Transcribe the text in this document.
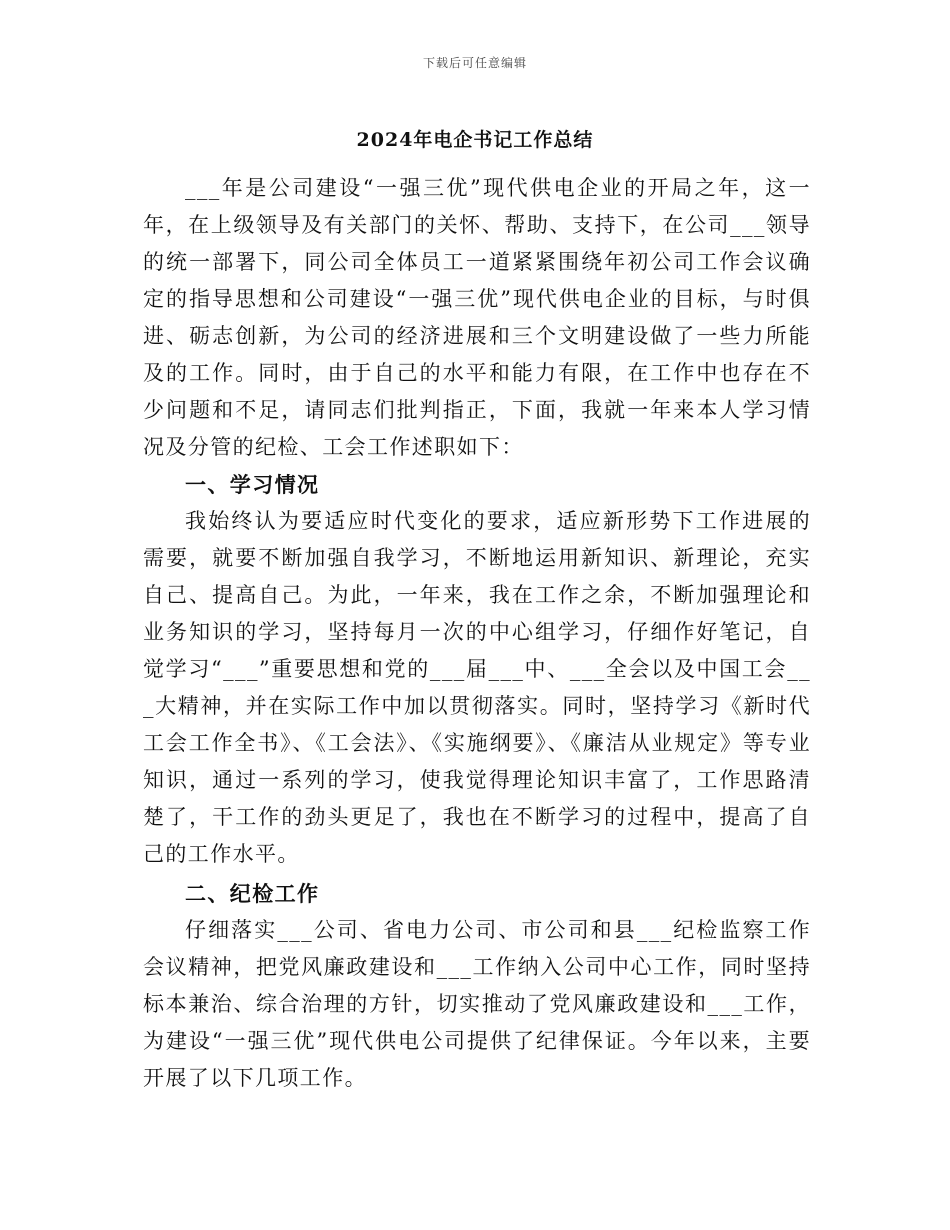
下载后可任意编辑
2024年电企书记工作总结

___年是公司建设“一强三优”现代供电企业的开局之年，这一年，在上级领导及有关部门的关怀、帮助、支持下，在公司___领导的统一部署下，同公司全体员工一道紧紧围绕年初公司工作会议确定的指导思想和公司建设“一强三优”现代供电企业的目标，与时俱进、砺志创新，为公司的经济进展和三个文明建设做了一些力所能及的工作。同时，由于自己的水平和能力有限，在工作中也存在不少问题和不足，请同志们批判指正，下面，我就一年来本人学习情况及分管的纪检、工会工作述职如下：

一、学习情况

我始终认为要适应时代变化的要求，适应新形势下工作进展的需要，就要不断加强自我学习，不断地运用新知识、新理论，充实自己、提高自己。为此，一年来，我在工作之余，不断加强理论和业务知识的学习，坚持每月一次的中心组学习，仔细作好笔记，自觉学习“___”重要思想和党的___届___中、___全会以及中国工会___大精神，并在实际工作中加以贯彻落实。同时，坚持学习《新时代工会工作全书》、《工会法》、《实施纲要》、《廉洁从业规定》等专业知识，通过一系列的学习，使我觉得理论知识丰富了，工作思路清楚了，干工作的劲头更足了，我也在不断学习的过程中，提高了自己的工作水平。

二、纪检工作

仔细落实___公司、省电力公司、市公司和县___纪检监察工作会议精神，把党风廉政建设和___工作纳入公司中心工作，同时坚持标本兼治、综合治理的方针，切实推动了党风廉政建设和___工作，为建设“一强三优”现代供电公司提供了纪律保证。今年以来，主要开展了以下几项工作。
